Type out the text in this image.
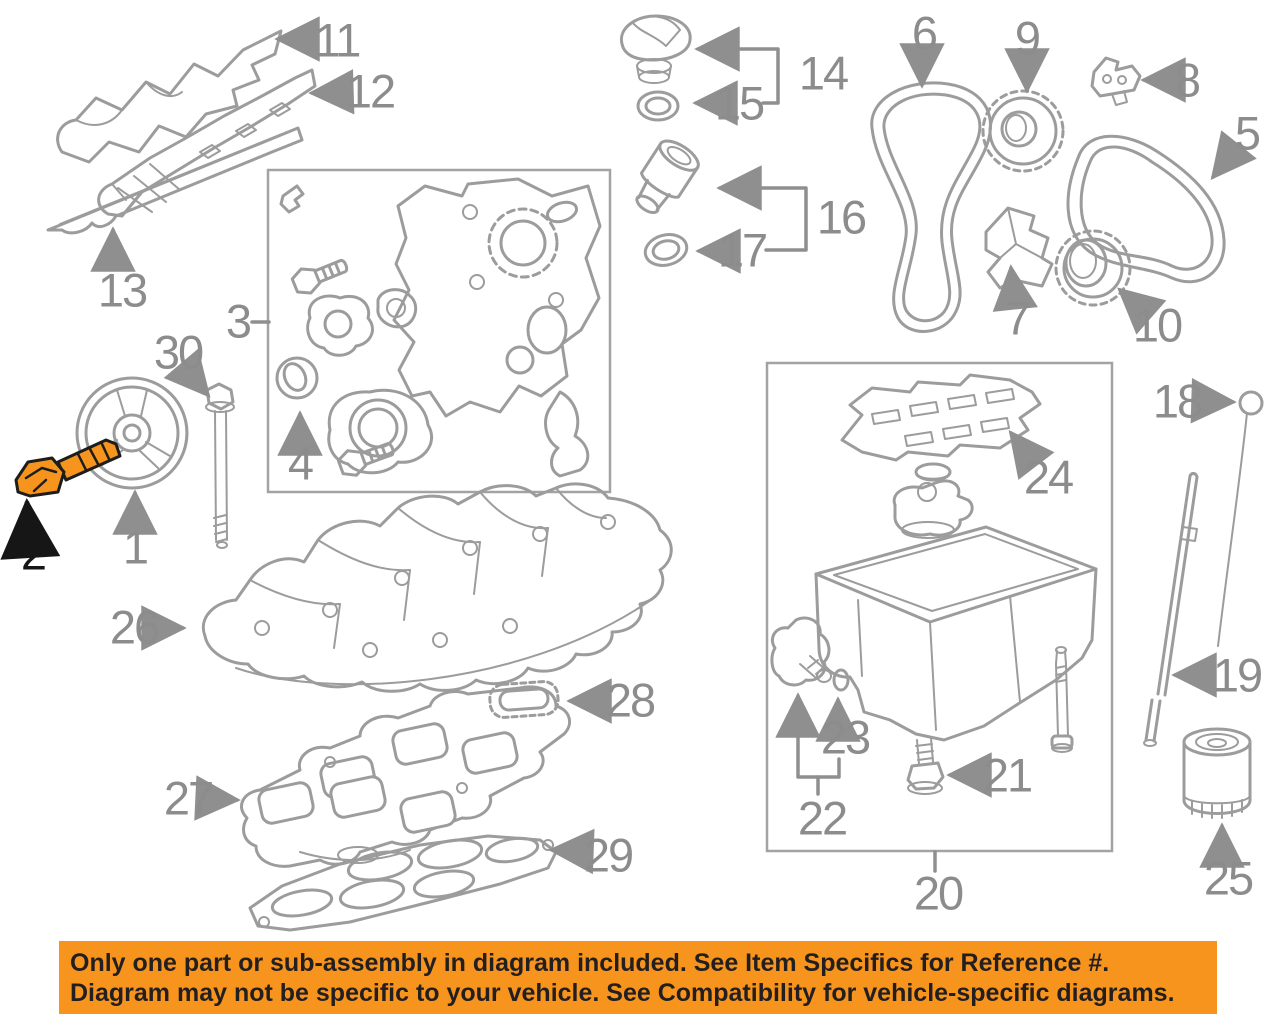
1
2
3
4
5
6
7
8
9
10
11
12
13
14
15
16
17
18
19
20
21
22
23
24
25
26
27
28
29
30
Only one part or sub-assembly in diagram included. See Item Specifics for Reference #.
Diagram may not be specific to your vehicle. See Compatibility for vehicle-specific diagrams.
